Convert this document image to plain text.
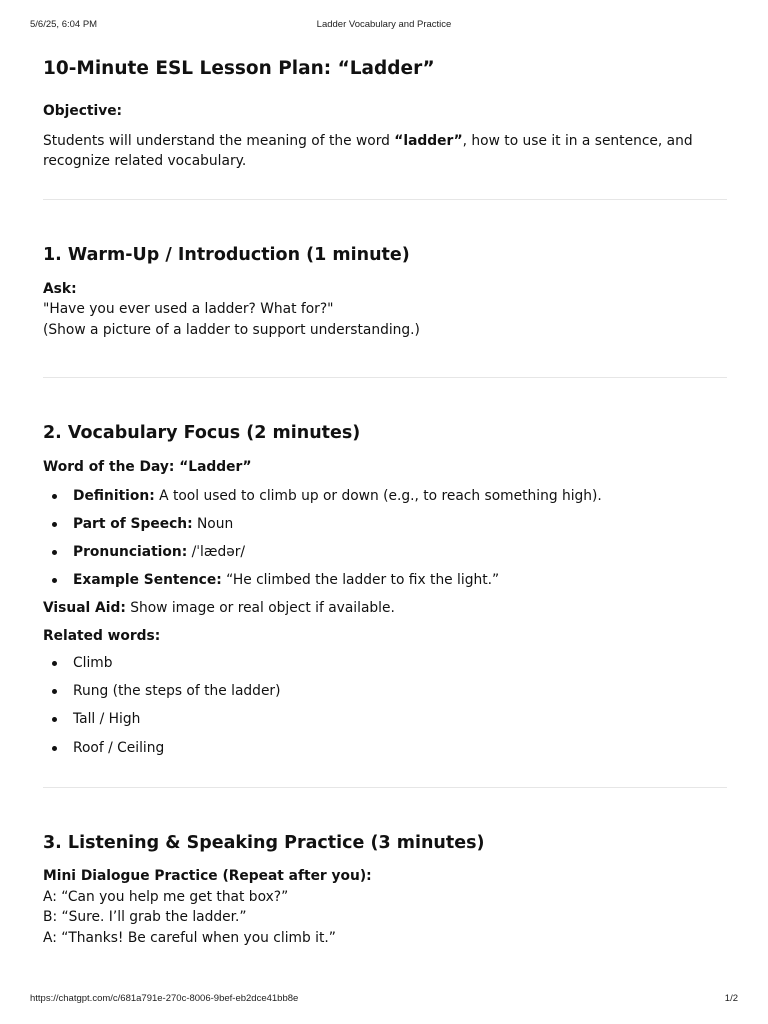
5/6/25, 6:04 PM	Ladder Vocabulary and Practice
10-Minute ESL Lesson Plan: “Ladder”

Objective:

Students will understand the meaning of the word “ladder”, how to use it in a sentence, and recognize related vocabulary.

1. Warm-Up / Introduction (1 minute)

Ask:

"Have you ever used a ladder? What for?"

(Show a picture of a ladder to support understanding.)

2. Vocabulary Focus (2 minutes)

Word of the Day: “Ladder”

Definition: A tool used to climb up or down (e.g., to reach something high).
Part of Speech: Noun
Pronunciation: /ˈlædər/
Example Sentence: “He climbed the ladder to fix the light.”

Visual Aid: Show image or real object if available.

Related words:

Climb
Rung (the steps of the ladder)
Tall / High
Roof / Ceiling
3. Listening & Speaking Practice (3 minutes)

Mini Dialogue Practice (Repeat after you):

A: “Can you help me get that box?”

B: “Sure. I’ll grab the ladder.”

A: “Thanks! Be careful when you climb it.”

https://chatgpt.com/c/681a791e-270c-8006-9bef-eb2dce41bb8e	1/2
